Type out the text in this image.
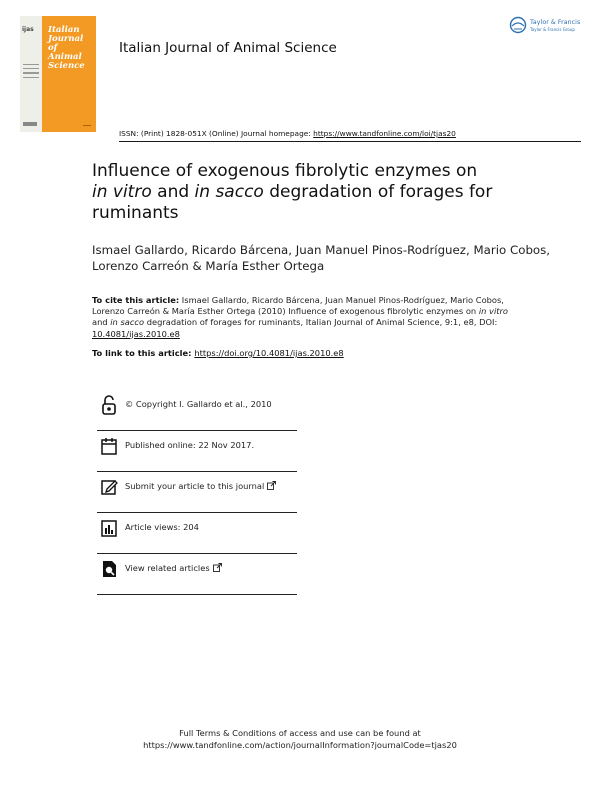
ijas Italian
Journal
of
Animal
Science
Italian Journal of Animal Science
Taylor & Francis
Taylor & Francis Group
ISSN: (Print) 1828-051X (Online) Journal homepage: https://www.tandfonline.com/loi/tjas20
Influence of exogenous fibrolytic enzymes on
in vitro and in sacco degradation of forages for
ruminants
Ismael Gallardo, Ricardo Bárcena, Juan Manuel Pinos-Rodríguez, Mario Cobos, Lorenzo Carreón & María Esther Ortega
To cite this article: Ismael Gallardo, Ricardo Bárcena, Juan Manuel Pinos-Rodríguez, Mario Cobos, Lorenzo Carreón & María Esther Ortega (2010) Influence of exogenous fibrolytic enzymes on in vitro and in sacco degradation of forages for ruminants, Italian Journal of Animal Science, 9:1, e8, DOI: 10.4081/ijas.2010.e8
To link to this article: https://doi.org/10.4081/ijas.2010.e8
© Copyright I. Gallardo et al., 2010
Published online: 22 Nov 2017.
Submit your article to this journal
Article views: 204
View related articles
Full Terms & Conditions of access and use can be found at
https://www.tandfonline.com/action/journalInformation?journalCode=tjas20
